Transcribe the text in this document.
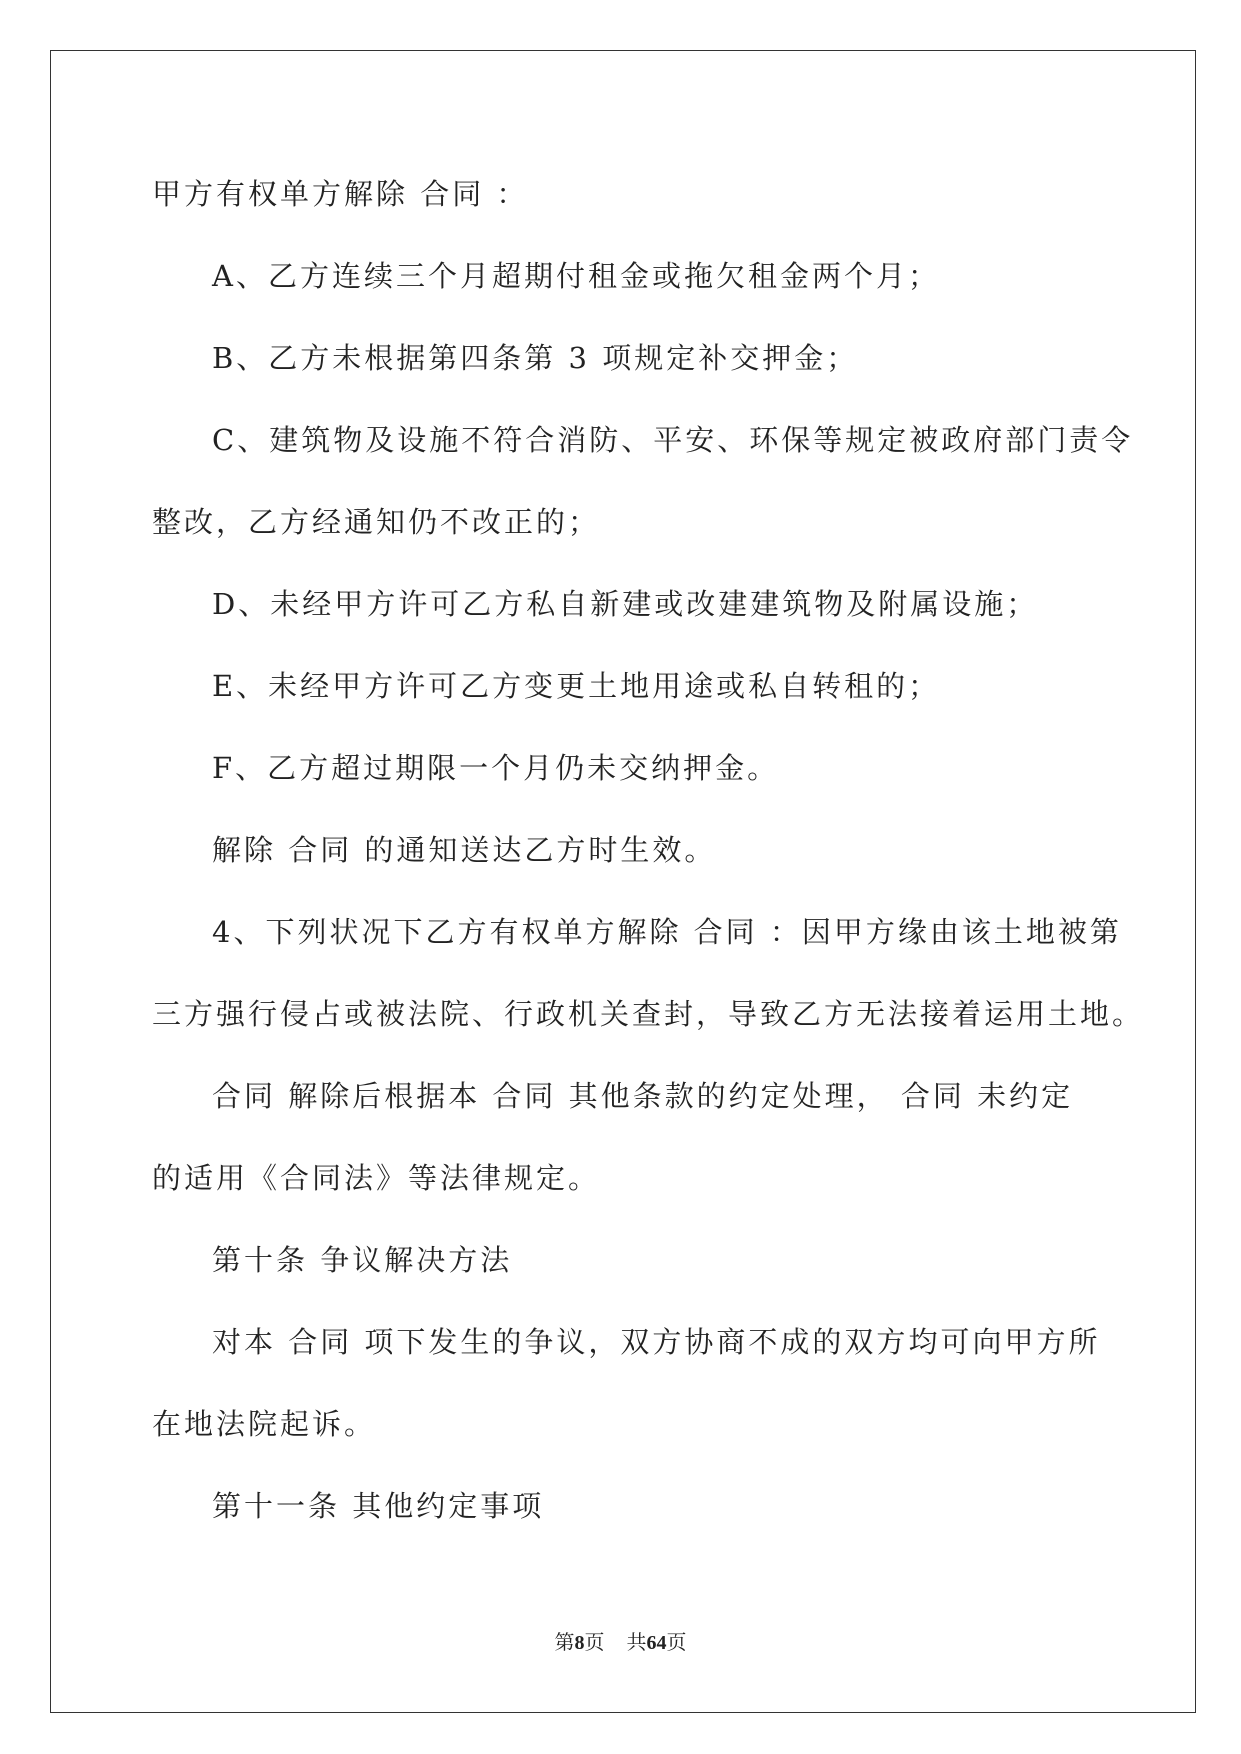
甲方有权单方解除 合同 ：
A、乙方连续三个月超期付租金或拖欠租金两个月；
B、乙方未根据第四条第 3 项规定补交押金；
C、建筑物及设施不符合消防、平安、环保等规定被政府部门责令
整改，乙方经通知仍不改正的；
D、未经甲方许可乙方私自新建或改建建筑物及附属设施；
E、未经甲方许可乙方变更土地用途或私自转租的；
F、乙方超过期限一个月仍未交纳押金。
解除 合同 的通知送达乙方时生效。
4、下列状况下乙方有权单方解除 合同 ：因甲方缘由该土地被第
三方强行侵占或被法院、行政机关查封，导致乙方无法接着运用土地。
合同 解除后根据本 合同 其他条款的约定处理， 合同 未约定
的适用《合同法》等法律规定。
第十条 争议解决方法
对本 合同 项下发生的争议，双方协商不成的双方均可向甲方所
在地法院起诉。
第十一条 其他约定事项
第8页 共64页
